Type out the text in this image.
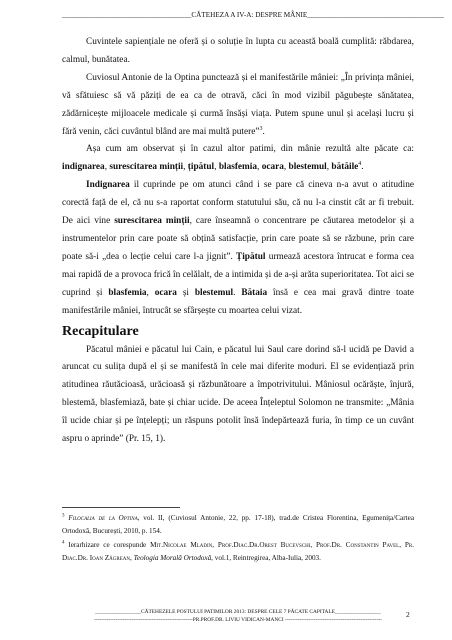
____________________________________CĂTEHEZA A IV-A: DESPRE MÂNIE______________________________________

Cuvintele sapiențiale ne oferă și o soluție în lupta cu această boală cumplită: răbdarea, calmul, bunătatea.

Cuviosul Antonie de la Optina punctează și el manifestările mâniei: „În privința mâniei, vă sfătuiesc să vă păziți de ea ca de otravă, căci în mod vizibil păgubește sănătatea, zădărnicește mijloacele medicale și curmă însăși viața. Putem spune unul și același lucru și fără venin, căci cuvântul blând are mai multă putere”$^3$.

Așa cum am observat și în cazul altor patimi, din mânie rezultă alte păcate ca: indignarea, surescitarea minții, țipătul, blasfemia, ocara, blestemul, bătăile$^4$.

Indignarea il cuprinde pe om atunci când i se pare că cineva n-a avut o atitudine corectă față de el, că nu s-a raportat conform statutului său, că nu l-a cinstit cât ar fi trebuit. De aici vine surescitarea minții, care înseamnă o concentrare pe căutarea metodelor și a instrumentelor prin care poate să obțină satisfacție, prin care poate să se răzbune, prin care poate să-i „dea o lecție celui care l-a jignit”. Țipătul urmează acestora întrucat e forma cea mai rapidă de a provoca frică în celălalt, de a intimida și de a-și arăta superioritatea. Tot aici se cuprind și blasfemia, ocara și blestemul. Bătaia însă e cea mai gravă dintre toate manifestările mâniei, întrucât se sfârșește cu moartea celui vizat.

Recapitulare

Păcatul mâniei e păcatul lui Cain, e păcatul lui Saul care dorind să-l ucidă pe David a aruncat cu sulița după el și se manifestă în cele mai diferite moduri. El se evidențiază prin atitudinea răutăcioasă, urăcioasă și răzbunătoare a împotrivitului. Mâniosul ocărăște, înjură, blestemă, blasfemiază, bate și chiar ucide. De aceea Înțeleptul Solomon ne transmite: „Mânia îl ucide chiar și pe înțelepți; un răspuns potolit însă îndepărtează furia, în timp ce un cuvânt aspru o aprinde” (Pr. 15, 1).

$^3$ Filocalia de la Optina, vol. II, (Cuviosul Antonie, 22, pp. 17-18), trad.de Cristea Florentina, Egumenița/Cartea Ortodoxă, București, 2010, p. 154.

$^4$ Ierarhizare ce corespunde Mit.Nicolae Mladin, Prof.Diac.Dr.Orest Bucevschi, Prof.Dr. Constantin Pavel, Pr. Diac.Dr. Ioan Zăgrean, Teologia Morală Ortodoxă, vol.1, Reintregirea, Alba-Iulia, 2003.

_________________CĂTEHEZELE POSTULUI PATIMILOR 2013: DESPRE CELE 7 PĂCATE CAPITALE_________________
-------------------------------------------------------PR.PROF.DR. LIVIU VIDICAN-MANCI ------------------------------------------------------
2
